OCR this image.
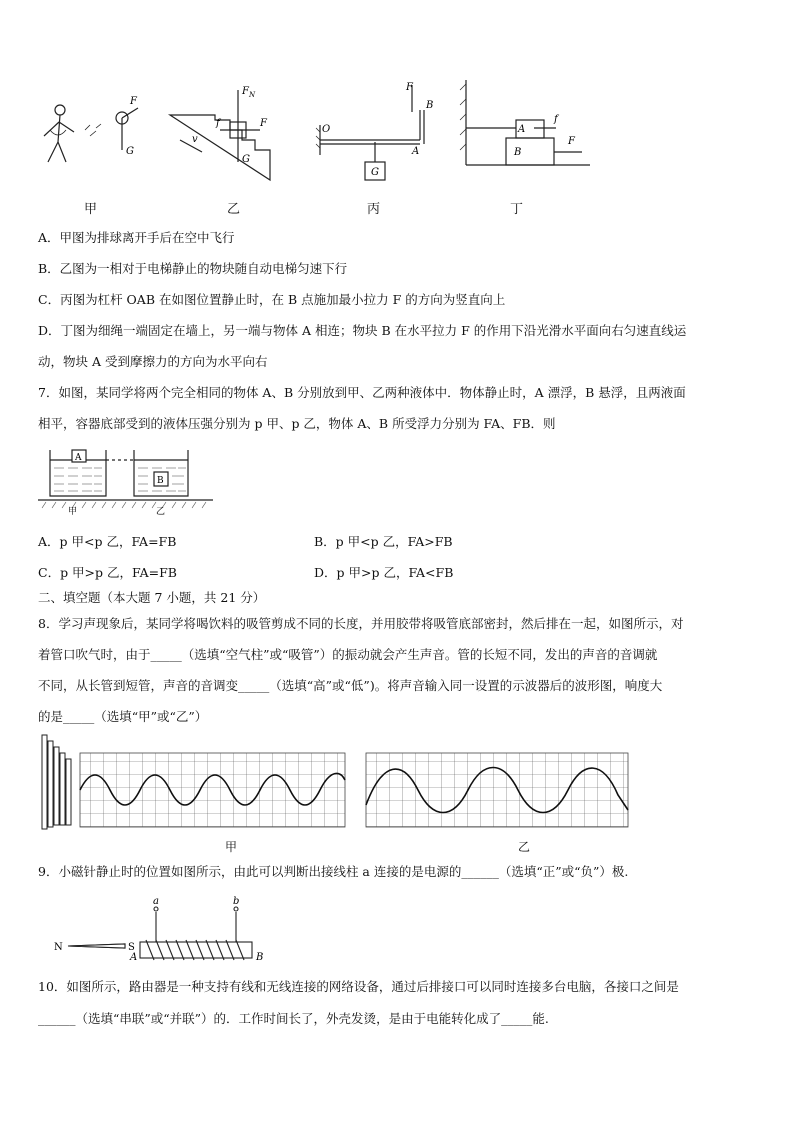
F
G
F N
f	F
v
G
O
F
B
A
G
A
f
F
B
甲	乙	丙	丁
A．甲图为排球离开手后在空中飞行
B．乙图为一相对于电梯静止的物块随自动电梯匀速下行
C．丙图为杠杆 OAB 在如图位置静止时，在 B 点施加最小拉力 F 的方向为竖直向上
D．丁图为细绳一端固定在墙上，另一端与物体 A 相连；物块 B 在水平拉力 F 的作用下沿光滑水平面向右匀速直线运
动，物块 A 受到摩擦力的方向为水平向右
7．如图，某同学将两个完全相同的物体 A、B 分别放到甲、乙两种液体中．物体静止时，A 漂浮，B 悬浮，且两液面
相平，容器底部受到的液体压强分别为 p 甲、p 乙，物体 A、B 所受浮力分别为 FA、FB．则
A
B
甲	乙
A．p 甲<p 乙，FA=FB	B．p 甲<p 乙，FA>FB
C．p 甲>p 乙，FA=FB	D．p 甲>p 乙，FA<FB
二、填空题（本大题 7 小题，共 21 分）
8．学习声现象后，某同学将喝饮料的吸管剪成不同的长度，并用胶带将吸管底部密封，然后排在一起，如图所示，对
着管口吹气时，由于_____（选填“空气柱”或“吸管”）的振动就会产生声音。管的长短不同，发出的声音的音调就
不同，从长管到短管，声音的音调变_____（选填“高”或“低”)。将声音输入同一设置的示波器后的波形图，响度大
的是_____（选填“甲”或“乙”）
甲	乙
9．小磁针静止时的位置如图所示，由此可以判断出接线柱 a 连接的是电源的______（选填“正”或“负”）极.
N	S
A	B
a	b
10．如图所示，路由器是一种支持有线和无线连接的网络设备，通过后排接口可以同时连接多台电脑，各接口之间是
______（选填“串联”或“并联”）的．工作时间长了，外壳发烫，是由于电能转化成了_____能.
